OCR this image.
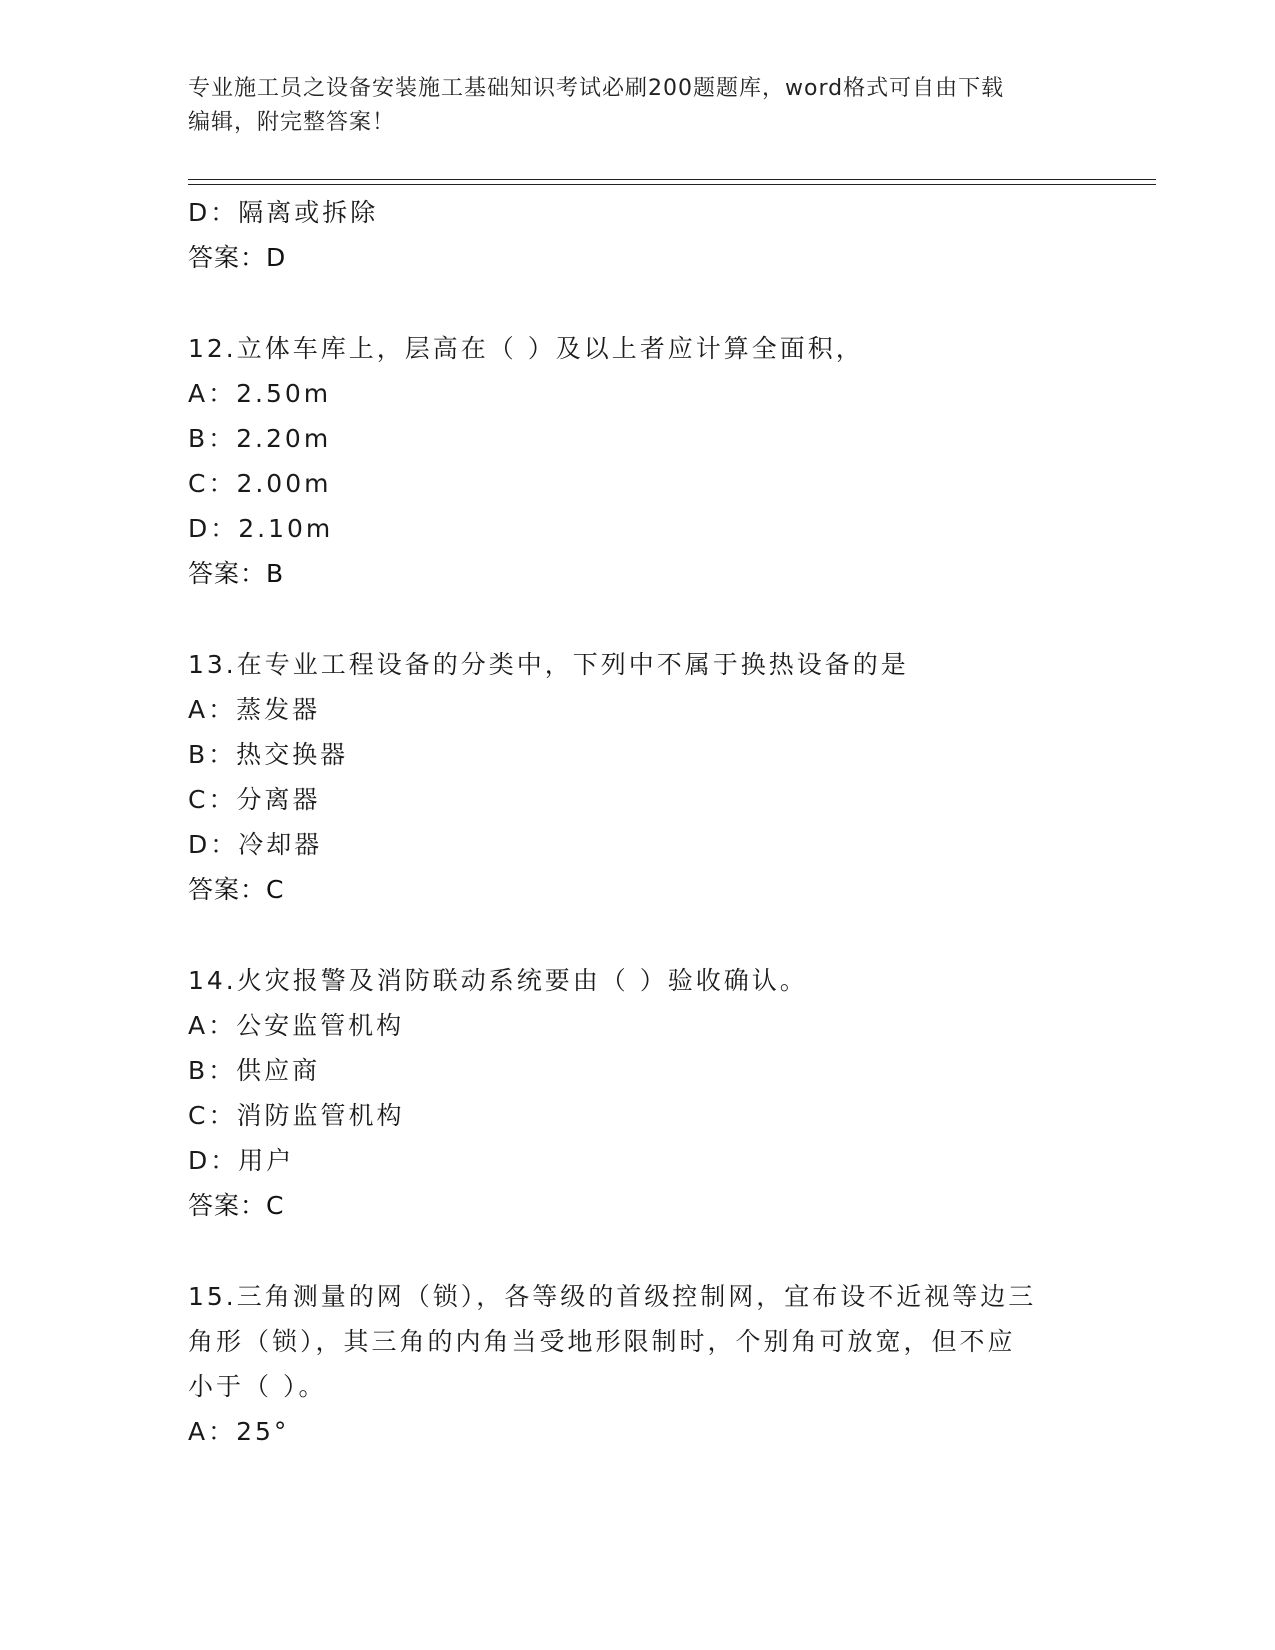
专业施工员之设备安装施工基础知识考试必刷200题题库，word格式可自由下载
编辑，附完整答案！
D：隔离或拆除
答案：D
12.立体车库上，层高在（ ）及以上者应计算全面积，
A：2.50m
B：2.20m
C：2.00m
D：2.10m
答案：B
13.在专业工程设备的分类中，下列中不属于换热设备的是
A：蒸发器
B：热交换器
C：分离器
D：冷却器
答案：C
14.火灾报警及消防联动系统要由（ ）验收确认。
A：公安监管机构
B：供应商
C：消防监管机构
D：用户
答案：C
15.三角测量的网（锁），各等级的首级控制网，宜布设不近视等边三
角形（锁），其三角的内角当受地形限制时，个别角可放宽，但不应
小于（ ）。
A：25°
